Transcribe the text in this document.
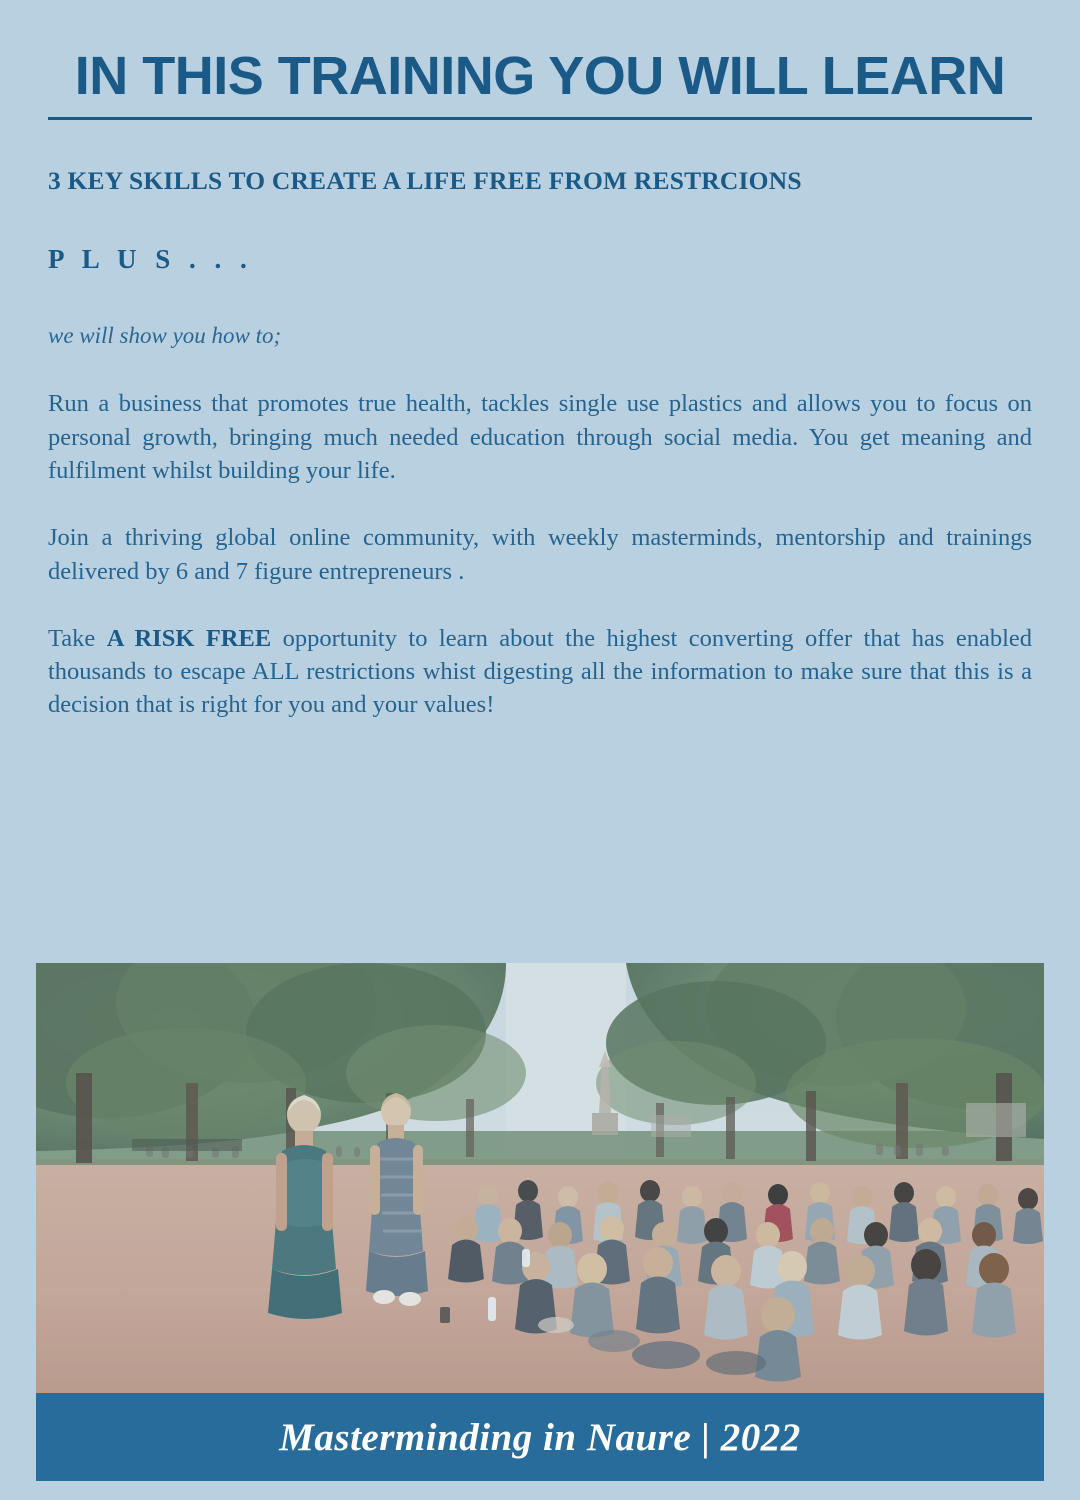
IN THIS TRAINING YOU WILL LEARN
3 KEY SKILLS TO CREATE A LIFE FREE FROM RESTRCIONS
P L U S . . .
we will show you how to;

Run a business that promotes true health, tackles single use plastics and allows you to focus on personal growth, bringing much needed education through social media. You get meaning and fulfilment whilst building your life.

Join a thriving global online community, with weekly masterminds, mentorship and trainings delivered by 6 and 7 figure entrepreneurs .

Take A RISK FREE opportunity to learn about the highest converting offer that has enabled thousands to escape ALL restrictions whist digesting all the information to make sure that this is a decision that is right for you and your values!

Masterminding in Naure | 2022
